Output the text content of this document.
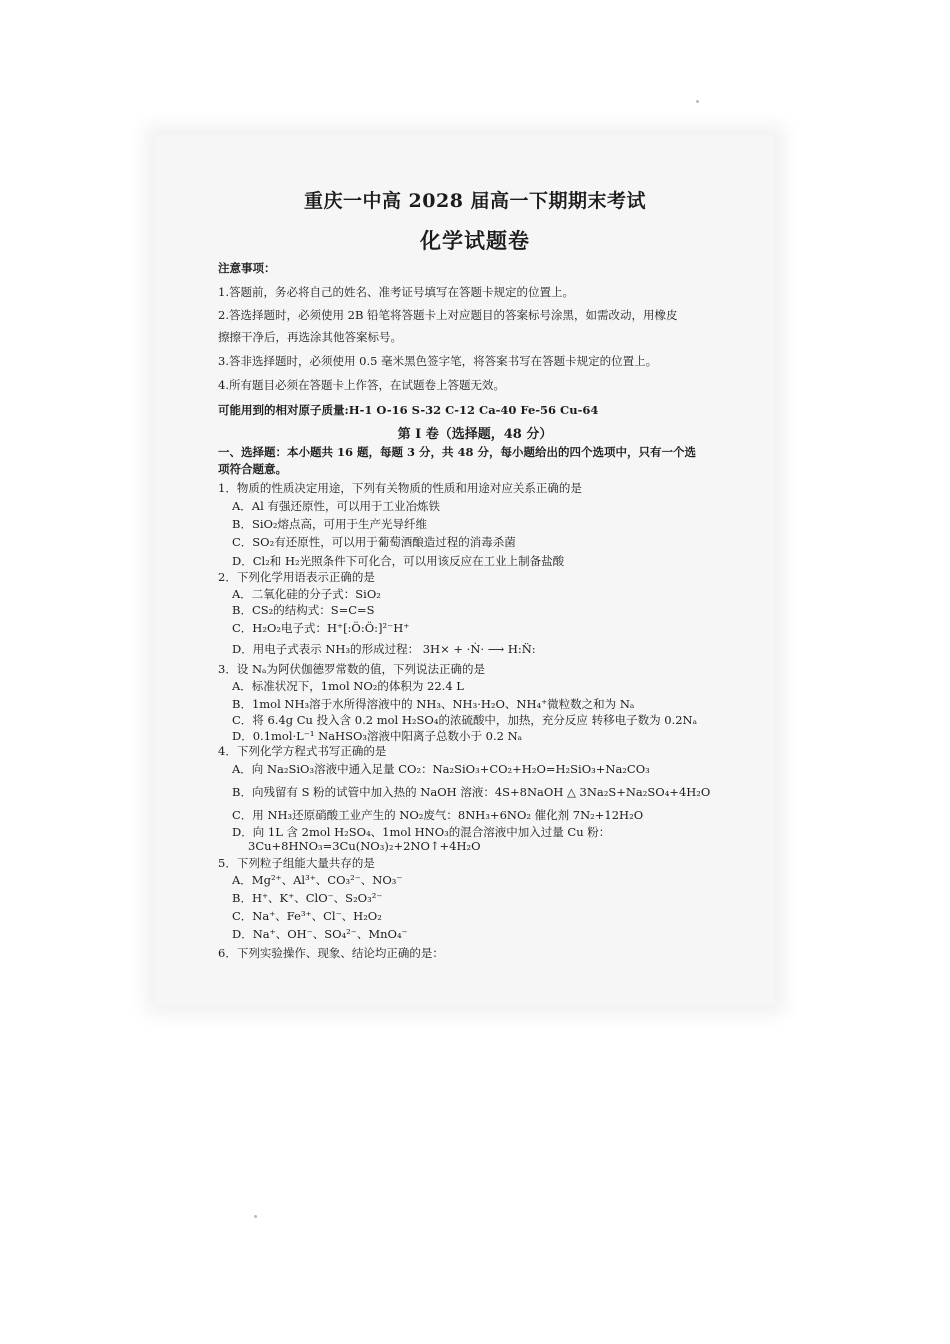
重庆一中高 2028 届高一下期期末考试
化学试题卷
注意事项：
1.答题前，务必将自己的姓名、准考证号填写在答题卡规定的位置上。
2.答选择题时，必须使用 2B 铅笔将答题卡上对应题目的答案标号涂黑，如需改动，用橡皮
擦擦干净后，再选涂其他答案标号。
3.答非选择题时，必须使用 0.5 毫米黑色签字笔，将答案书写在答题卡规定的位置上。
4.所有题目必须在答题卡上作答，在试题卷上答题无效。
可能用到的相对原子质量:H-1 O-16 S-32 C-12 Ca-40 Fe-56 Cu-64
第 I 卷（选择题，48 分）
一、选择题：本小题共 16 题，每题 3 分，共 48 分，每小题给出的四个选项中，只有一个选
项符合题意。
1．物质的性质决定用途，下列有关物质的性质和用途对应关系正确的是
A．Al 有强还原性，可以用于工业冶炼铁
B．SiO₂熔点高，可用于生产光导纤维
C．SO₂有还原性，可以用于葡萄酒酿造过程的消毒杀菌
D．Cl₂和 H₂光照条件下可化合，可以用该反应在工业上制备盐酸
2．下列化学用语表示正确的是
A．二氧化硅的分子式：SiO₂
B．CS₂的结构式：S=C=S
C．H₂O₂电子式：H⁺[:Ö:Ö:]²⁻H⁺
D．用电子式表示 NH₃的形成过程： 3H× + ·Ṅ· ⟶ H:N̈:
3．设 Nₐ为阿伏伽德罗常数的值，下列说法正确的是
A．标准状况下，1mol NO₂的体积为 22.4 L
B．1mol NH₃溶于水所得溶液中的 NH₃、NH₃·H₂O、NH₄⁺微粒数之和为 Nₐ
C．将 6.4g Cu 投入含 0.2 mol H₂SO₄的浓硫酸中，加热，充分反应 转移电子数为 0.2Nₐ
D．0.1mol·L⁻¹ NaHSO₃溶液中阳离子总数小于 0.2 Nₐ
4．下列化学方程式书写正确的是
A．向 Na₂SiO₃溶液中通入足量 CO₂：Na₂SiO₃+CO₂+H₂O=H₂SiO₃+Na₂CO₃
B．向残留有 S 粉的试管中加入热的 NaOH 溶液：4S+8NaOH △ 3Na₂S+Na₂SO₄+4H₂O
C．用 NH₃还原硝酸工业产生的 NO₂废气：8NH₃+6NO₂ 催化剂 7N₂+12H₂O
D．向 1L 含 2mol H₂SO₄、1mol HNO₃的混合溶液中加入过量 Cu 粉：
3Cu+8HNO₃=3Cu(NO₃)₂+2NO↑+4H₂O
5．下列粒子组能大量共存的是
A．Mg²⁺、Al³⁺、CO₃²⁻、NO₃⁻
B．H⁺、K⁺、ClO⁻、S₂O₃²⁻
C．Na⁺、Fe³⁺、Cl⁻、H₂O₂
D．Na⁺、OH⁻、SO₄²⁻、MnO₄⁻
6．下列实验操作、现象、结论均正确的是：
